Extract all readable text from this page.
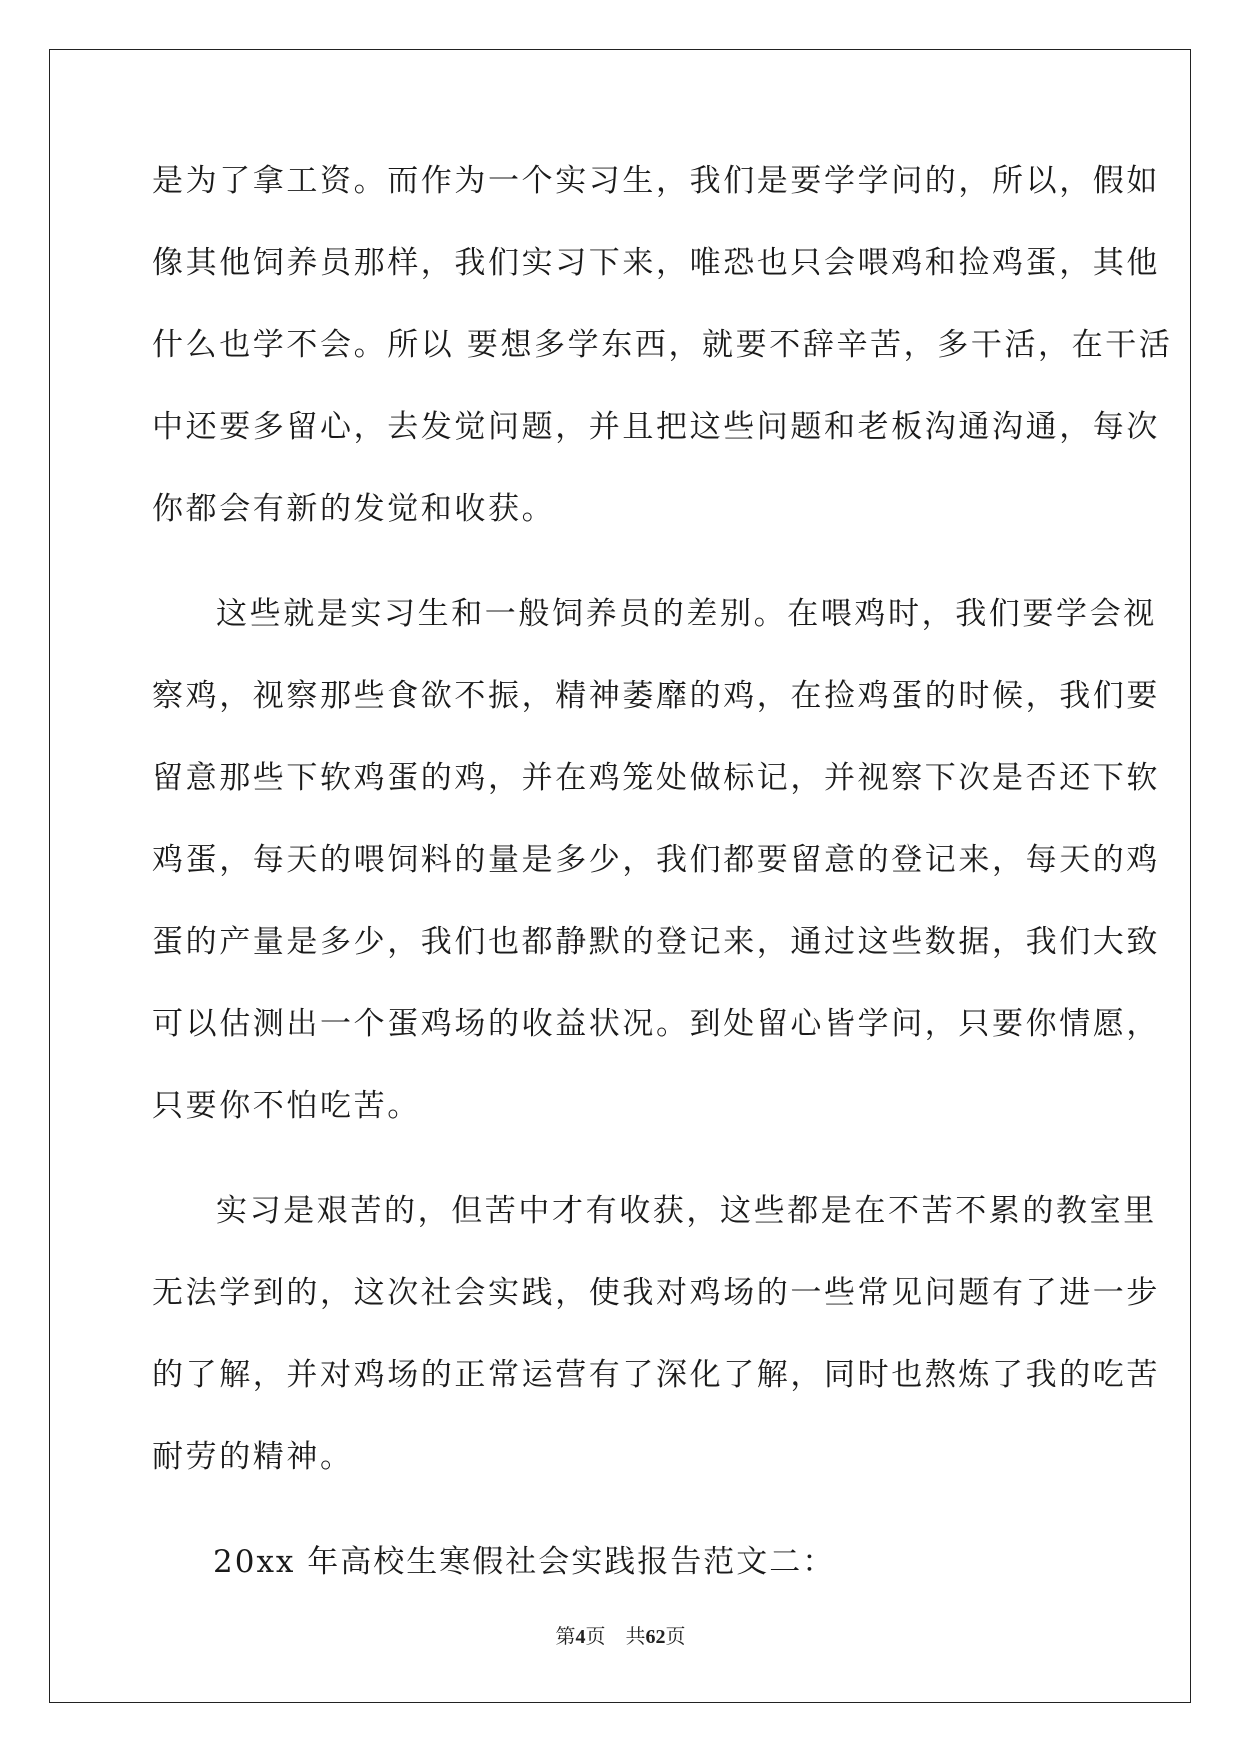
是为了拿工资。而作为一个实习生，我们是要学学问的，所以，假如
像其他饲养员那样，我们实习下来，唯恐也只会喂鸡和捡鸡蛋，其他
什么也学不会。所以 要想多学东西，就要不辞辛苦，多干活，在干活
中还要多留心，去发觉问题，并且把这些问题和老板沟通沟通，每次
你都会有新的发觉和收获。
这些就是实习生和一般饲养员的差别。在喂鸡时，我们要学会视
察鸡，视察那些食欲不振，精神萎靡的鸡，在捡鸡蛋的时候，我们要
留意那些下软鸡蛋的鸡，并在鸡笼处做标记，并视察下次是否还下软
鸡蛋，每天的喂饲料的量是多少，我们都要留意的登记来，每天的鸡
蛋的产量是多少，我们也都静默的登记来，通过这些数据，我们大致
可以估测出一个蛋鸡场的收益状况。到处留心皆学问，只要你情愿，
只要你不怕吃苦。
实习是艰苦的，但苦中才有收获，这些都是在不苦不累的教室里
无法学到的，这次社会实践，使我对鸡场的一些常见问题有了进一步
的了解，并对鸡场的正常运营有了深化了解，同时也熬炼了我的吃苦
耐劳的精神。
20xx 年高校生寒假社会实践报告范文二：
第4页 共62页
